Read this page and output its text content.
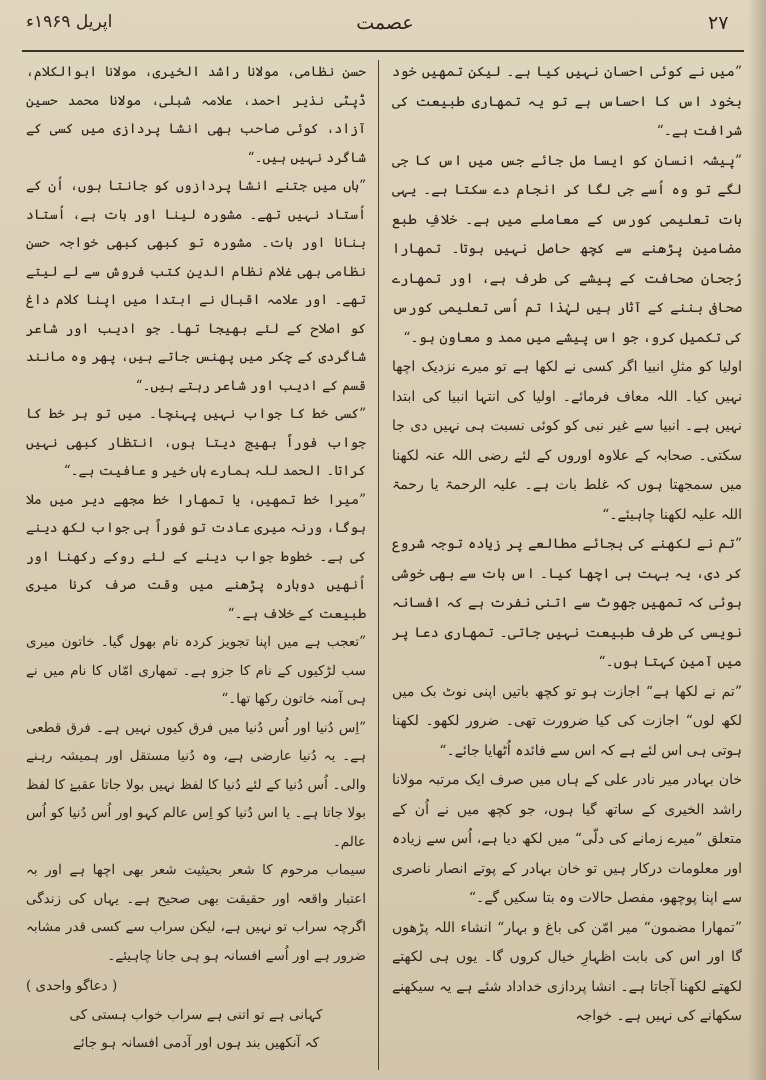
اپریل ۱۹۶۹ء	عصمت	۲۷

”میں نے کوئی احسان نہیں کیا ہے۔ لیکن تمھیں خود بخود اس کا احساس ہے تو یہ تمھاری طبیعت کی شرافت ہے۔“

”پیشہ انسان کو ایسا مل جائے جس میں اس کا جی لگے تو وہ اُسے جی لگا کر انجام دے سکتا ہے۔ یہی بات تعلیمی کورس کے معاملے میں ہے۔ خلافِ طبع مضامین پڑھنے سے کچھ حاصل نہیں ہوتا۔ تمھارا رُجحان صحافت کے پیشے کی طرف ہے، اور تمھارے صحافی بننے کے آثار ہیں لہٰذا تم اُسی تعلیمی کورس کی تکمیل کرو، جو اس پیشے میں ممد و معاون ہو۔“

اولیا کو مثلِ انبیا اگر کسی نے لکھا ہے تو میرے نزدیک اچھا نہیں کیا۔ اللہ معاف فرمائے۔ اولیا کی انتہا انبیا کی ابتدا نہیں ہے۔ انبیا سے غیر نبی کو کوئی نسبت ہی نہیں دی جا سکتی۔ صحابہ کے علاوہ اوروں کے لئے رضی اللہ عنہ لکھنا میں سمجھتا ہوں کہ غلط بات ہے۔ علیہ الرحمۃ یا رحمۃ اللہ علیہ لکھنا چاہیئے۔“

”تم نے لکھنے کی بجائے مطالعے پر زیادہ توجہ شروع کر دی، یہ بہت ہی اچھا کیا۔ اس بات سے بھی خوشی ہوئی کہ تمھیں جھوٹ سے اتنی نفرت ہے کہ افسانہ نویسی کی طرف طبیعت نہیں جاتی۔ تمھاری دعا پر میں آمین کہتا ہوں۔“

”تم نے لکھا ہے“ اجازت ہو تو کچھ باتیں اپنی نوٹ بک میں لکھ لوں“ اجازت کی کیا ضرورت تھی۔ ضرور لکھو۔ لکھنا ہوتی ہی اس لئے ہے کہ اس سے فائدہ اُٹھایا جائے۔“

خان بہادر میر نادر علی کے ہاں میں صرف ایک مرتبہ مولانا راشد الخیری کے ساتھ گیا ہوں، جو کچھ میں نے اُن کے متعلق ”میرے زمانے کی دلّی“ میں لکھ دیا ہے، اُس سے زیادہ اور معلومات درکار ہیں تو خان بہادر کے پوتے انصار ناصری سے اپنا پوچھو، مفصل حالات وہ بتا سکیں گے۔“

”تمھارا مضمون“ میر امّن کی باغ و بہار“ انشاء اللہ پڑھوں گا اور اس کی بابت اظہارِ خیال کروں گا۔ یوں ہی لکھتے لکھتے لکھنا آجاتا ہے۔ انشا پردازی خداداد شئے ہے یہ سیکھنے سکھانے کی نہیں ہے۔ خواجہ

حسن نظامی، مولانا راشد الخیری، مولانا ابوالکلام، ڈپٹی نذیر احمد، علامہ شبلی، مولانا محمد حسین آزاد، کوئی صاحب بھی انشا پردازی میں کسی کے شاگرد نہیں ہیں۔“

”ہاں میں جتنے انشا پردازوں کو جانتا ہوں، اُن کے اُستاد نہیں تھے۔ مشورہ لینا اور بات ہے، اُستاد بنانا اور بات۔ مشورہ تو کبھی کبھی خواجہ حسن نظامی بھی غلام نظام الدین کتب فروش سے لے لیتے تھے۔ اور علامہ اقبال نے ابتدا میں اپنا کلام داغ کو اصلاح کے لئے بھیجا تھا۔ جو ادیب اور شاعر شاگردی کے چکر میں پھنس جاتے ہیں، پھر وہ مانند قسم کے ادیب اور شاعر رہتے ہیں۔“

”کسی خط کا جواب نہیں پہنچا۔ میں تو ہر خط کا جواب فوراً بھیج دیتا ہوں، انتظار کبھی نہیں کراتا۔ الحمد للہ ہمارے ہاں خیر و عافیت ہے۔“

”میرا خط تمھیں، یا تمھارا خط مجھے دیر میں ملا ہوگا، ورنہ میری عادت تو فوراً ہی جواب لکھ دینے کی ہے۔ خطوط جواب دینے کے لئے روکے رکھنا اور اُنھیں دوبارہ پڑھنے میں وقت صرف کرنا میری طبیعت کے خلاف ہے۔“

”تعجب ہے میں اپنا تجویز کردہ نام بھول گیا۔ خاتون میری سب لڑکیوں کے نام کا جزو ہے۔ تمھاری امّاں کا نام میں نے ہی آمنہ خاتون رکھا تھا۔“

”اِس دُنیا اور اُس دُنیا میں فرق کیوں نہیں ہے۔ فرق قطعی ہے۔ یہ دُنیا عارضی ہے، وہ دُنیا مستقل اور ہمیشہ رہنے والی۔ اُس دُنیا کے لئے دُنیا کا لفظ نہیں بولا جاتا عقبےٰ کا لفظ بولا جاتا ہے۔ یا اس دُنیا کو اِس عالم کہو اور اُس دُنیا کو اُس عالم۔

سیماب مرحوم کا شعر بحیثیت شعر بھی اچھا ہے اور بہ اعتبار واقعہ اور حقیقت بھی صحیح ہے۔ یہاں کی زندگی اگرچہ سراب تو نہیں ہے، لیکن سراب سے کسی قدر مشابہ ضرور ہے اور اُسے افسانہ ہو ہی جانا چاہیئے۔

( دعاگو واحدی )

کہانی ہے تو اتنی ہے سراب خواب ہستی کی

کہ آنکھیں بند ہوں اور آدمی افسانہ ہو جائے
